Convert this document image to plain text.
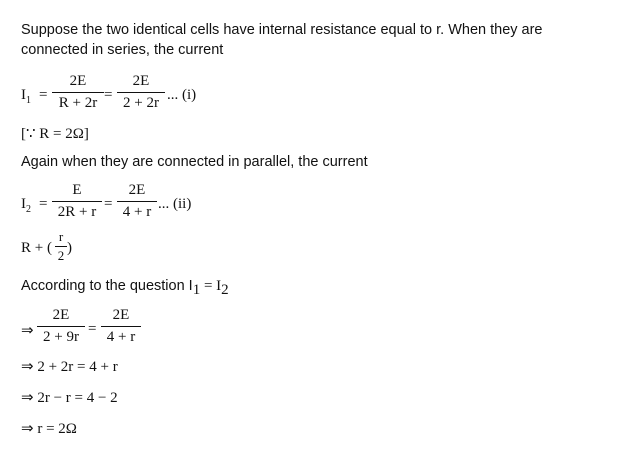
Suppose the two identical cells have internal resistance equal to r. When they are
connected in series, the current
$I_1$ =
2E
R + 2r =
2E
2 + 2r ... (i)
[∵ R = 2Ω]
Again when they are connected in parallel, the current
$I_2$ =
E
2R + r =
2E
4 + r ... (ii)
R + (
r
2 )
According to the question $I_1 = I_2$
⇒
2E
2 + 9r =
2E
4 + r
⇒ 2 + 2r = 4 + r
⇒ 2r − r = 4 − 2
⇒ r = 2Ω
